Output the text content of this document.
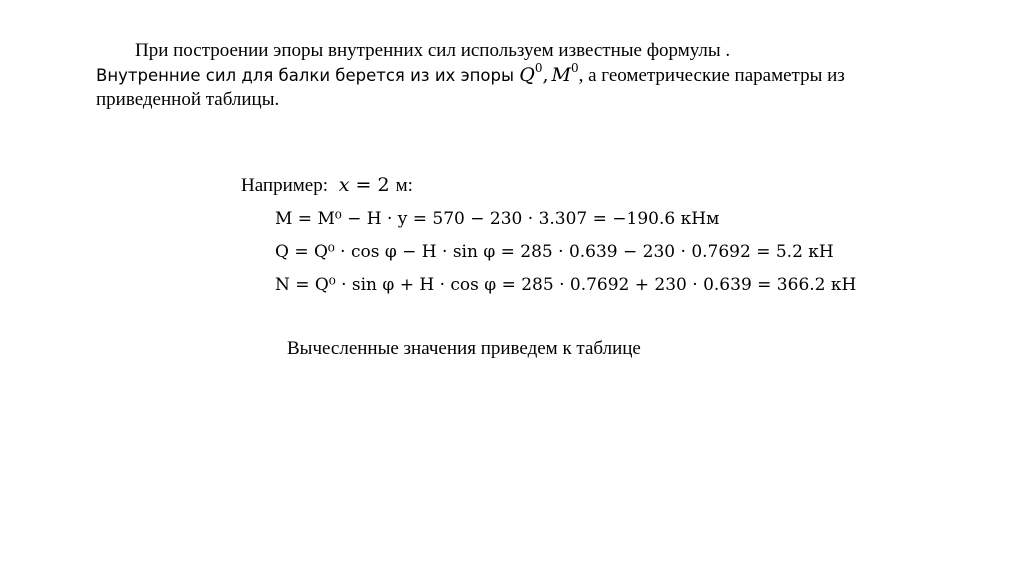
При построении эпоры внутренних сил используем известные формулы .
Внутренние сил для балки берется из их эпоры $Q^0$, $M^0$, а геометрические параметры из
приведенной таблицы.
Например: x = 2 м:
M = M⁰ − H · y = 570 − 230 · 3.307 = −190.6 кНм
Q = Q⁰ · cos φ − H · sin φ = 285 · 0.639 − 230 · 0.7692 = 5.2 кН
N = Q⁰ · sin φ + H · cos φ = 285 · 0.7692 + 230 · 0.639 = 366.2 кН
Вычесленные значения приведем к таблице
